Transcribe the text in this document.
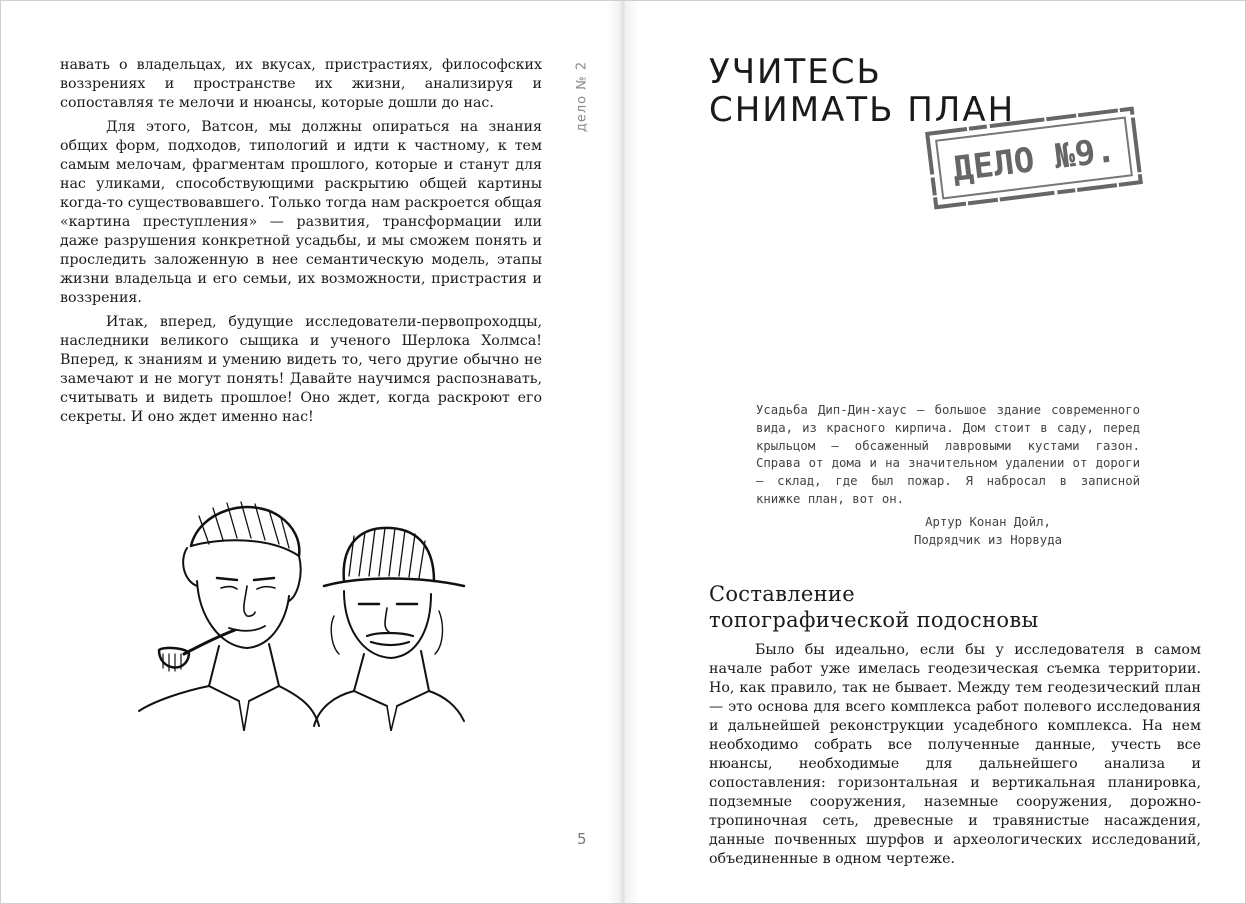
навать о владельцах, их вкусах, пристрастиях, философских воззрениях и пространстве их жизни, анализируя и сопоставляя те мелочи и нюансы, которые дошли до нас.

Для этого, Ватсон, мы должны опираться на знания общих форм, подходов, типологий и идти к частному, к тем самым мелочам, фрагментам прошлого, которые и станут для нас уликами, способствующими раскрытию общей картины когда-то существовавшего. Только тогда нам раскроется общая «картина преступления» — развития, трансформации или даже разрушения конкретной усадьбы, и мы сможем понять и проследить заложенную в нее семантическую модель, этапы жизни владельца и его семьи, их возможности, пристрастия и воззрения.

Итак, вперед, будущие исследователи-первопроходцы, наследники великого сыщика и ученого Шерлока Холмса! Вперед, к знаниям и умению видеть то, чего другие обычно не замечают и не могут понять! Давайте научимся распознавать, считывать и видеть прошлое! Оно ждет, когда раскроют его секреты. И оно ждет именно нас!

дело № 2
5
УЧИТЕСЬ
СНИМАТЬ ПЛАН
ДЕЛО №9.

Усадьба Дип-Дин-хаус – большое здание современного вида, из красного кирпича. Дом стоит в саду, перед крыльцом – обсаженный лавровыми кустами газон. Справа от дома и на значительном удалении от дороги – склад, где был пожар. Я набросал в записной книжке план, вот он.

Артур Конан Дойл,

Подрядчик из Норвуда

Составление
топографической подосновы

Было бы идеально, если бы у исследователя в самом начале работ уже имелась геодезическая съемка территории. Но, как правило, так не бывает. Между тем геодезический план — это основа для всего комплекса работ полевого исследования и дальнейшей реконструкции усадебного комплекса. На нем необходимо собрать все полученные данные, учесть все нюансы, необходимые для дальнейшего анализа и сопоставления: горизонтальная и вертикальная планировка, подземные сооружения, наземные сооружения, дорожно-тропиночная сеть, древесные и травянистые насаждения, данные почвенных шурфов и археологических исследований, объединенные в одном чертеже.
